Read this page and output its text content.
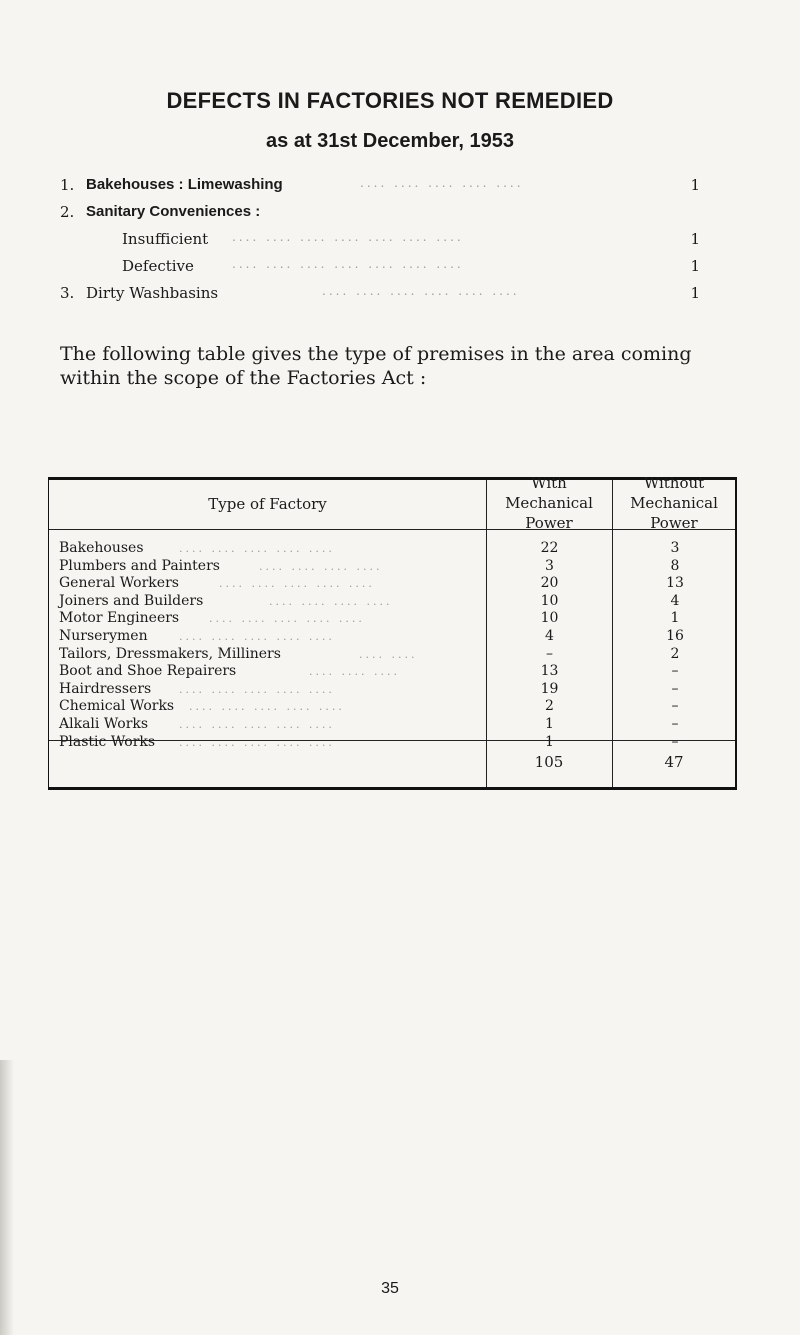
DEFECTS IN FACTORIES NOT REMEDIED
as at 31st December, 1953
1. Bakehouses : Limewashing	.... .... .... .... ....	1
2. Sanitary Conveniences :
Insufficient .... .... .... .... .... .... ....	1
Defective	.... .... .... .... .... .... ....	1
3. Dirty Washbasins	.... .... .... .... .... ....	1
The following table gives the type of premises in the area coming within the scope of the Factories Act :
Type of Factory
With
Mechanical
Power
Without
Mechanical
Power
Bakehouses	.... .... .... .... ....	22	3
Plumbers and Painters	.... .... .... ....	3	8
General Workers	.... .... .... .... ....	20	13
Joiners and Builders	.... .... .... ....	10	4
Motor Engineers	.... .... .... .... ....	10	1
Nurserymen	.... .... .... .... ....	4	16
Tailors, Dressmakers, Milliners	.... ....	–	2
Boot and Shoe Repairers	.... .... ....	13	–
Hairdressers	.... .... .... .... ....	19	–
Chemical Works .... .... .... .... ....	2	–
Alkali Works	.... .... .... .... ....	1	–
Plastic Works .... .... .... .... ....	1	–
105	47
35
